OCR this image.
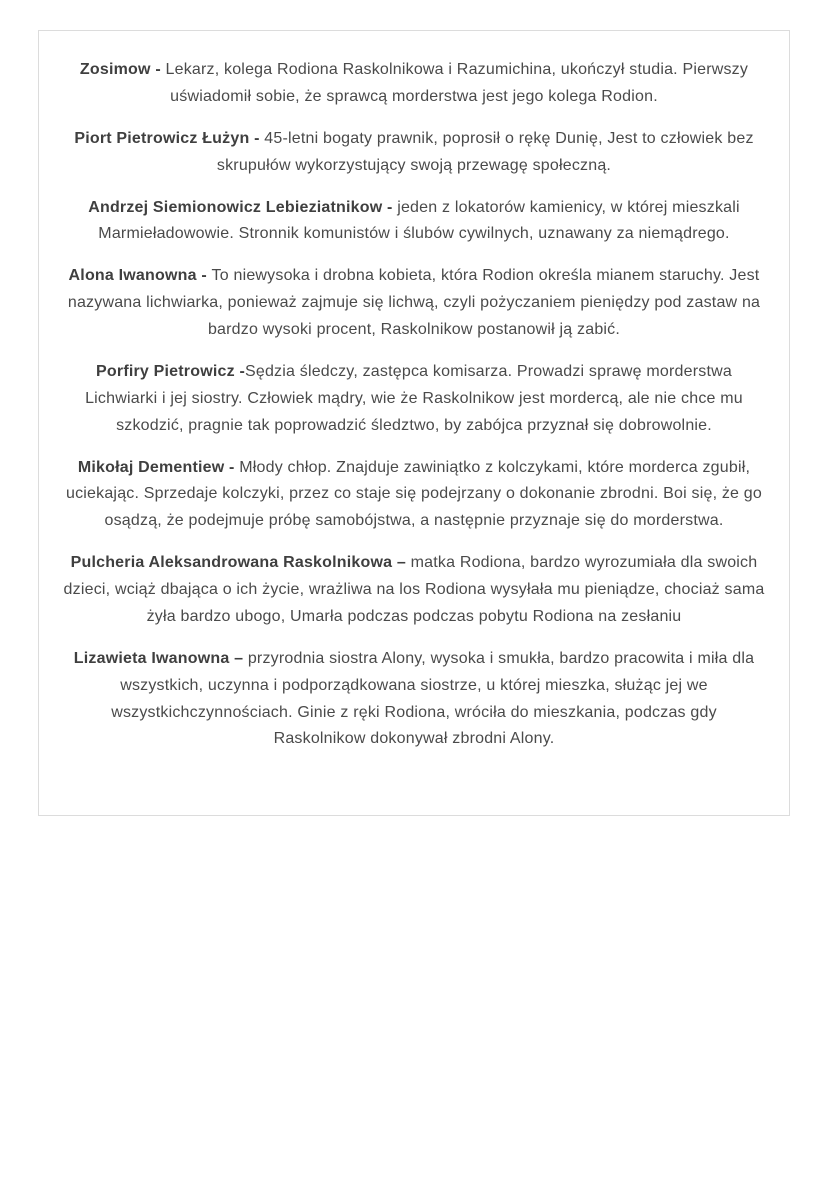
Zosimow - Lekarz, kolega Rodiona Raskolnikowa i Razumichina, ukończył studia. Pierwszy uświadomił sobie, że sprawcą morderstwa jest jego kolega Rodion.

Piort Pietrowicz Łużyn - 45-letni bogaty prawnik, poprosił o rękę Dunię, Jest to człowiek bez skrupułów wykorzystujący swoją przewagę społeczną.

Andrzej Siemionowicz Lebieziatnikow - jeden z lokatorów kamienicy, w której mieszkali Marmieładowowie. Stronnik komunistów i ślubów cywilnych, uznawany za niemądrego.

Alona Iwanowna - To niewysoka i drobna kobieta, która Rodion określa mianem staruchy. Jest nazywana lichwiarka, ponieważ zajmuje się lichwą, czyli pożyczaniem pieniędzy pod zastaw na bardzo wysoki procent, Raskolnikow postanowił ją zabić.

Porfiry Pietrowicz -Sędzia śledczy, zastępca komisarza. Prowadzi sprawę morderstwa Lichwiarki i jej siostry. Człowiek mądry, wie że Raskolnikow jest mordercą, ale nie chce mu szkodzić, pragnie tak poprowadzić śledztwo, by zabójca przyznał się dobrowolnie.

Mikołaj Dementiew - Młody chłop. Znajduje zawiniątko z kolczykami, które morderca zgubił, uciekając. Sprzedaje kolczyki, przez co staje się podejrzany o dokonanie zbrodni. Boi się, że go osądzą, że podejmuje próbę samobójstwa, a następnie przyznaje się do morderstwa.

Pulcheria Aleksandrowana Raskolnikowa – matka Rodiona, bardzo wyrozumiała dla swoich dzieci, wciąż dbająca o ich życie, wrażliwa na los Rodiona wysyłała mu pieniądze, chociaż sama żyła bardzo ubogo, Umarła podczas podczas pobytu Rodiona na zesłaniu

Lizawieta Iwanowna – przyrodnia siostra Alony, wysoka i smukła, bardzo pracowita i miła dla wszystkich, uczynna i podporządkowana siostrze, u której mieszka, służąc jej we wszystkichczynnościach. Ginie z ręki Rodiona, wróciła do mieszkania, podczas gdy Raskolnikow dokonywał zbrodni Alony.
